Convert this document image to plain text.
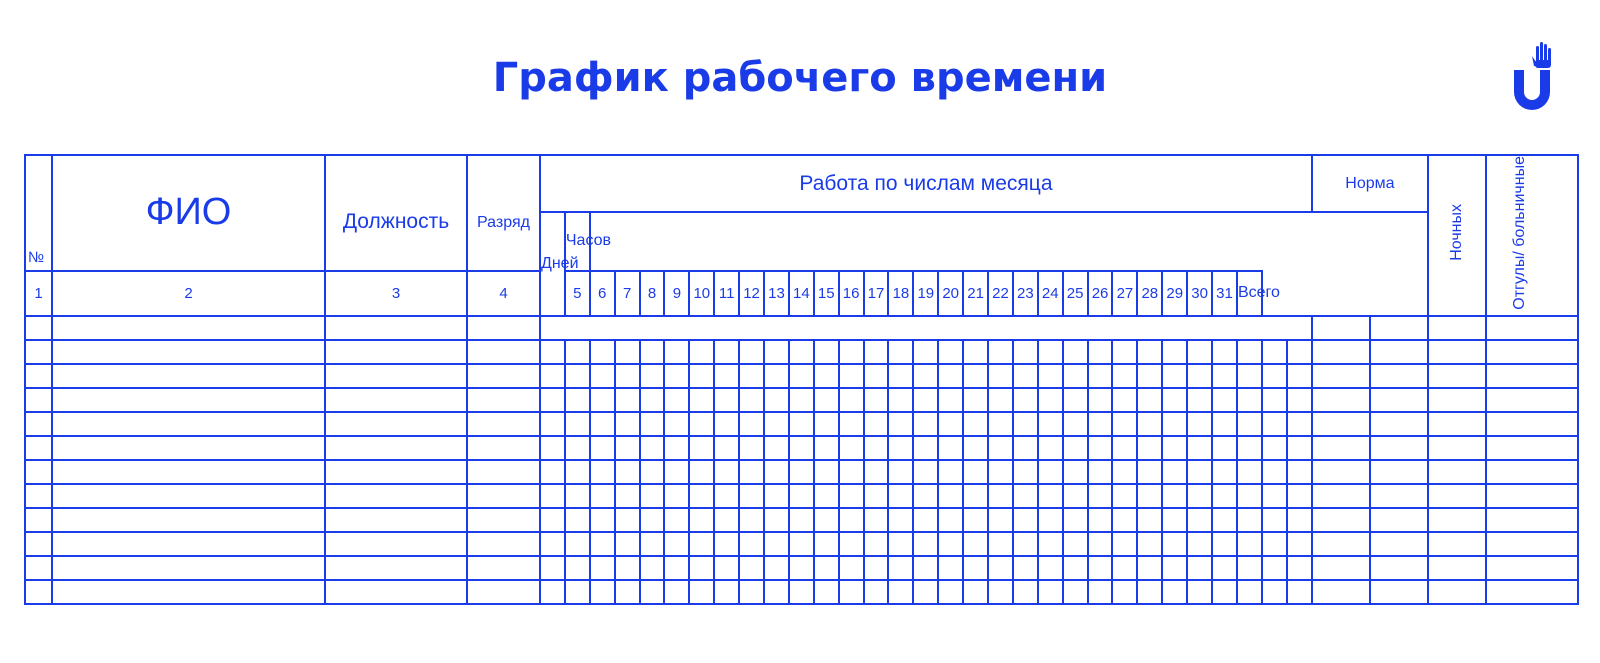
График рабочего времени
№	ФИО	Должность	Разряд	Работа по числам месяца																															Норма		Ночных	Отгулы/ больничные
				Дней	Часов																																	
1	2	3	4		5	6	7	8	9	10	11	12	13	14	15	16	17	18	19	20	21	22	23	24	25	26	27	28	29	30	31	Всего						
